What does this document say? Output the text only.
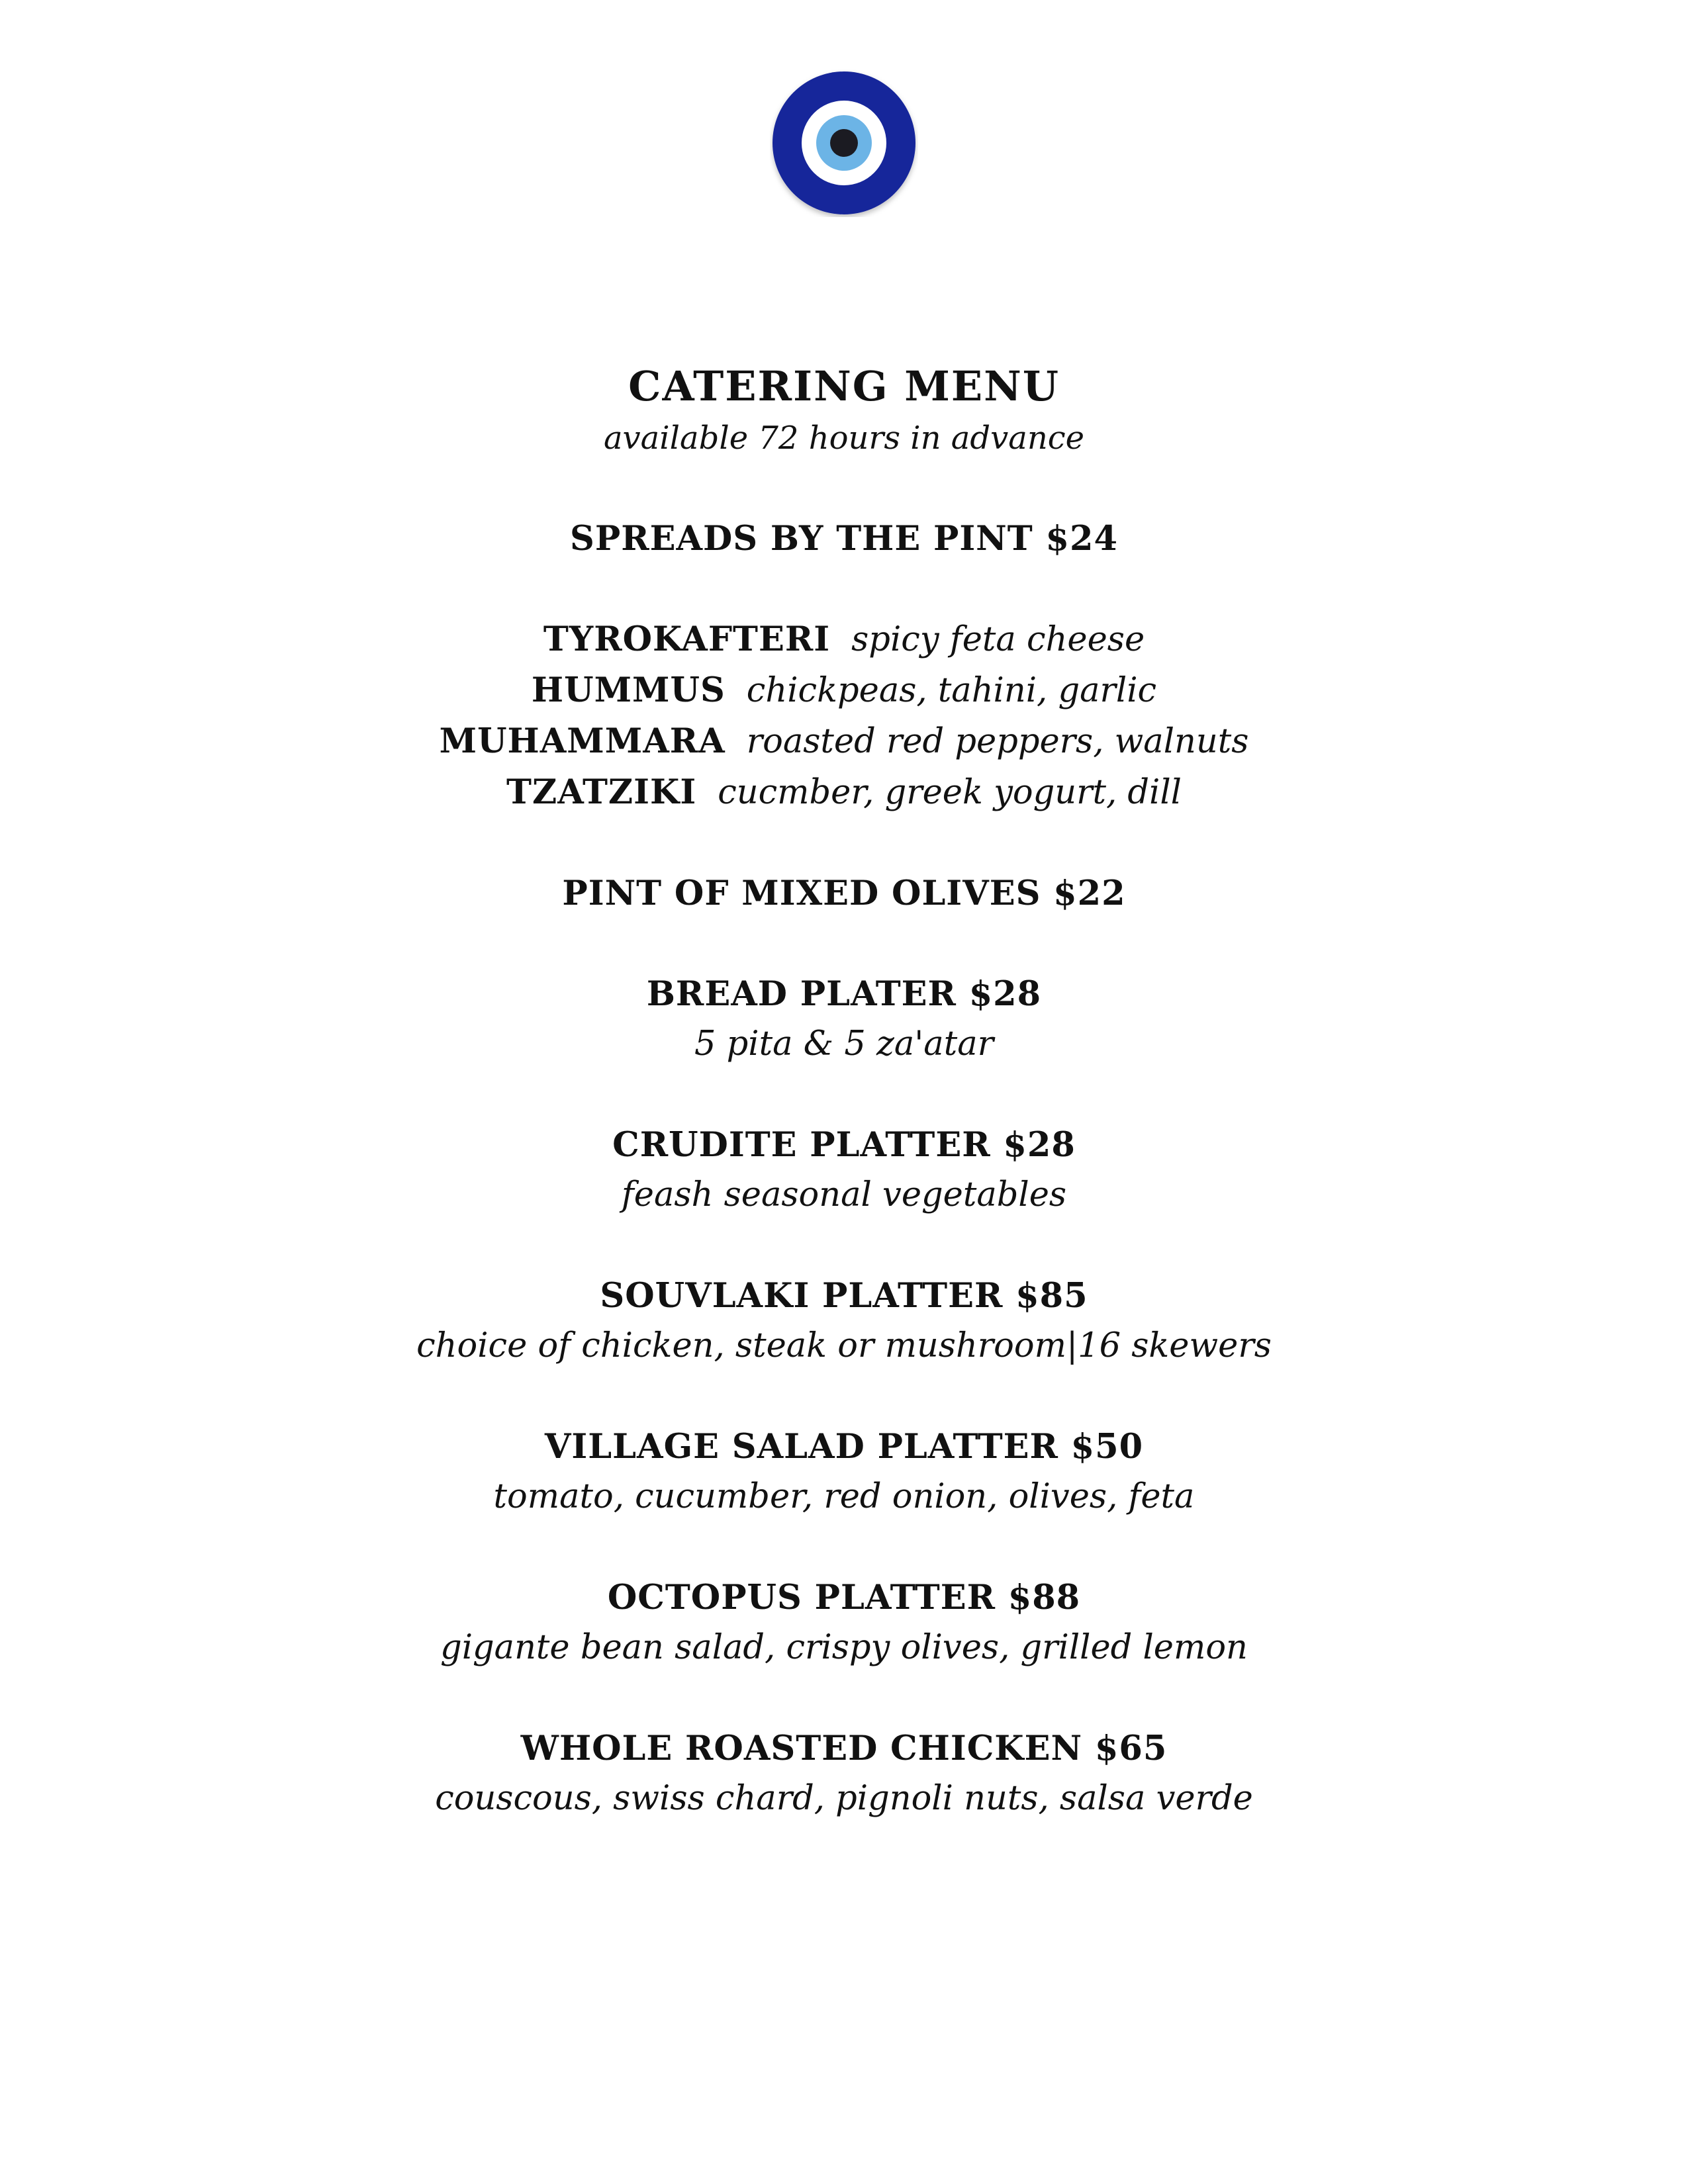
CATERING MENU

available 72 hours in advance

SPREADS BY THE PINT $24

TYROKAFTERI spicy feta cheese

HUMMUS chickpeas, tahini, garlic

MUHAMMARA roasted red peppers, walnuts

TZATZIKI cucmber, greek yogurt, dill

PINT OF MIXED OLIVES $22

BREAD PLATER $28

5 pita & 5 za'atar

CRUDITE PLATTER $28

feash seasonal vegetables

SOUVLAKI PLATTER $85

choice of chicken, steak or mushroom|16 skewers

VILLAGE SALAD PLATTER $50

tomato, cucumber, red onion, olives, feta

OCTOPUS PLATTER $88

gigante bean salad, crispy olives, grilled lemon

WHOLE ROASTED CHICKEN $65

couscous, swiss chard, pignoli nuts, salsa verde
